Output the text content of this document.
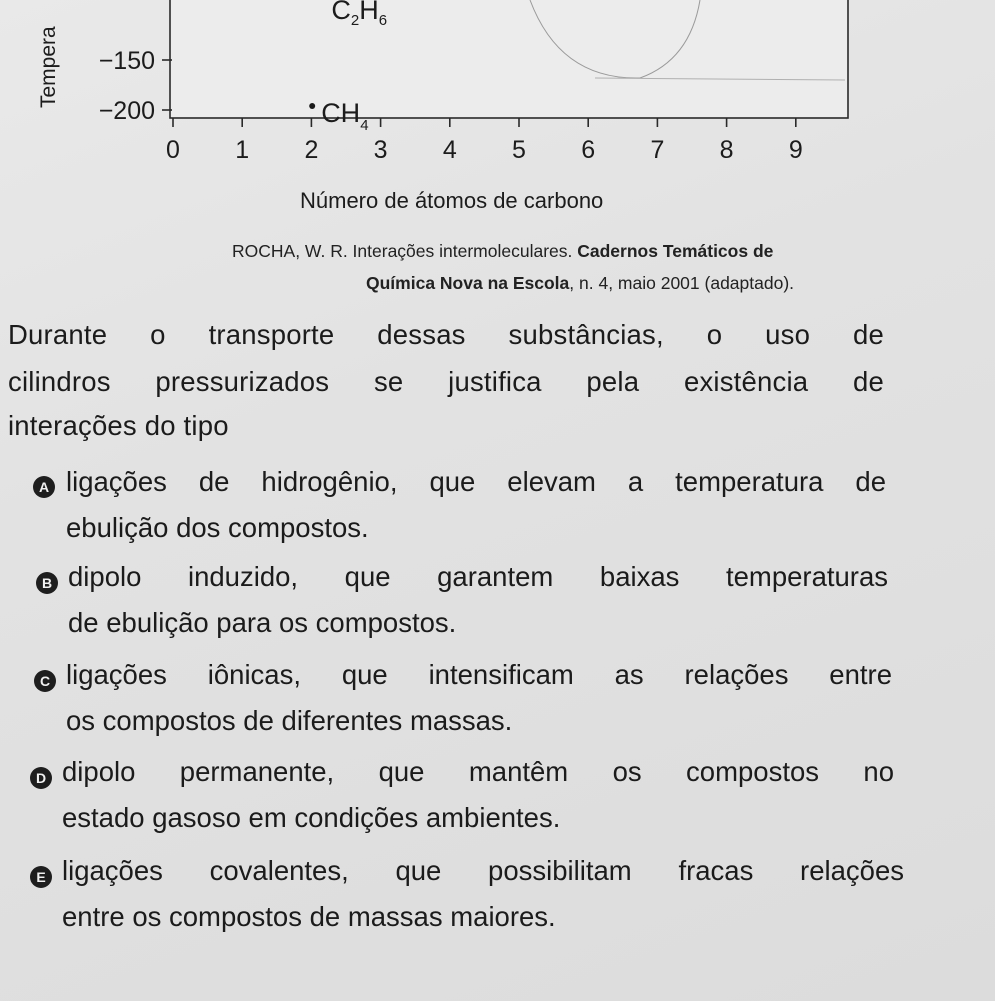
Tempera −150
−200
0 1 2 3 4 5 6 7 8 9
$CH_4$
$C_2H_6$
Número de átomos de carbono
ROCHA, W. R. Interações intermoleculares. Cadernos Temáticos de
Química Nova na Escola, n. 4, maio 2001 (adaptado).
Durante o transporte dessas substâncias, o uso de
cilindros pressurizados se justifica pela existência de
interações do tipo
A ligações de hidrogênio, que elevam a temperatura de
ebulição dos compostos.
B dipolo induzido, que garantem baixas temperaturas
de ebulição para os compostos.
C ligações iônicas, que intensificam as relações entre
os compostos de diferentes massas.
D dipolo permanente, que mantêm os compostos no
estado gasoso em condições ambientes.
E ligações covalentes, que possibilitam fracas relações
entre os compostos de massas maiores.
